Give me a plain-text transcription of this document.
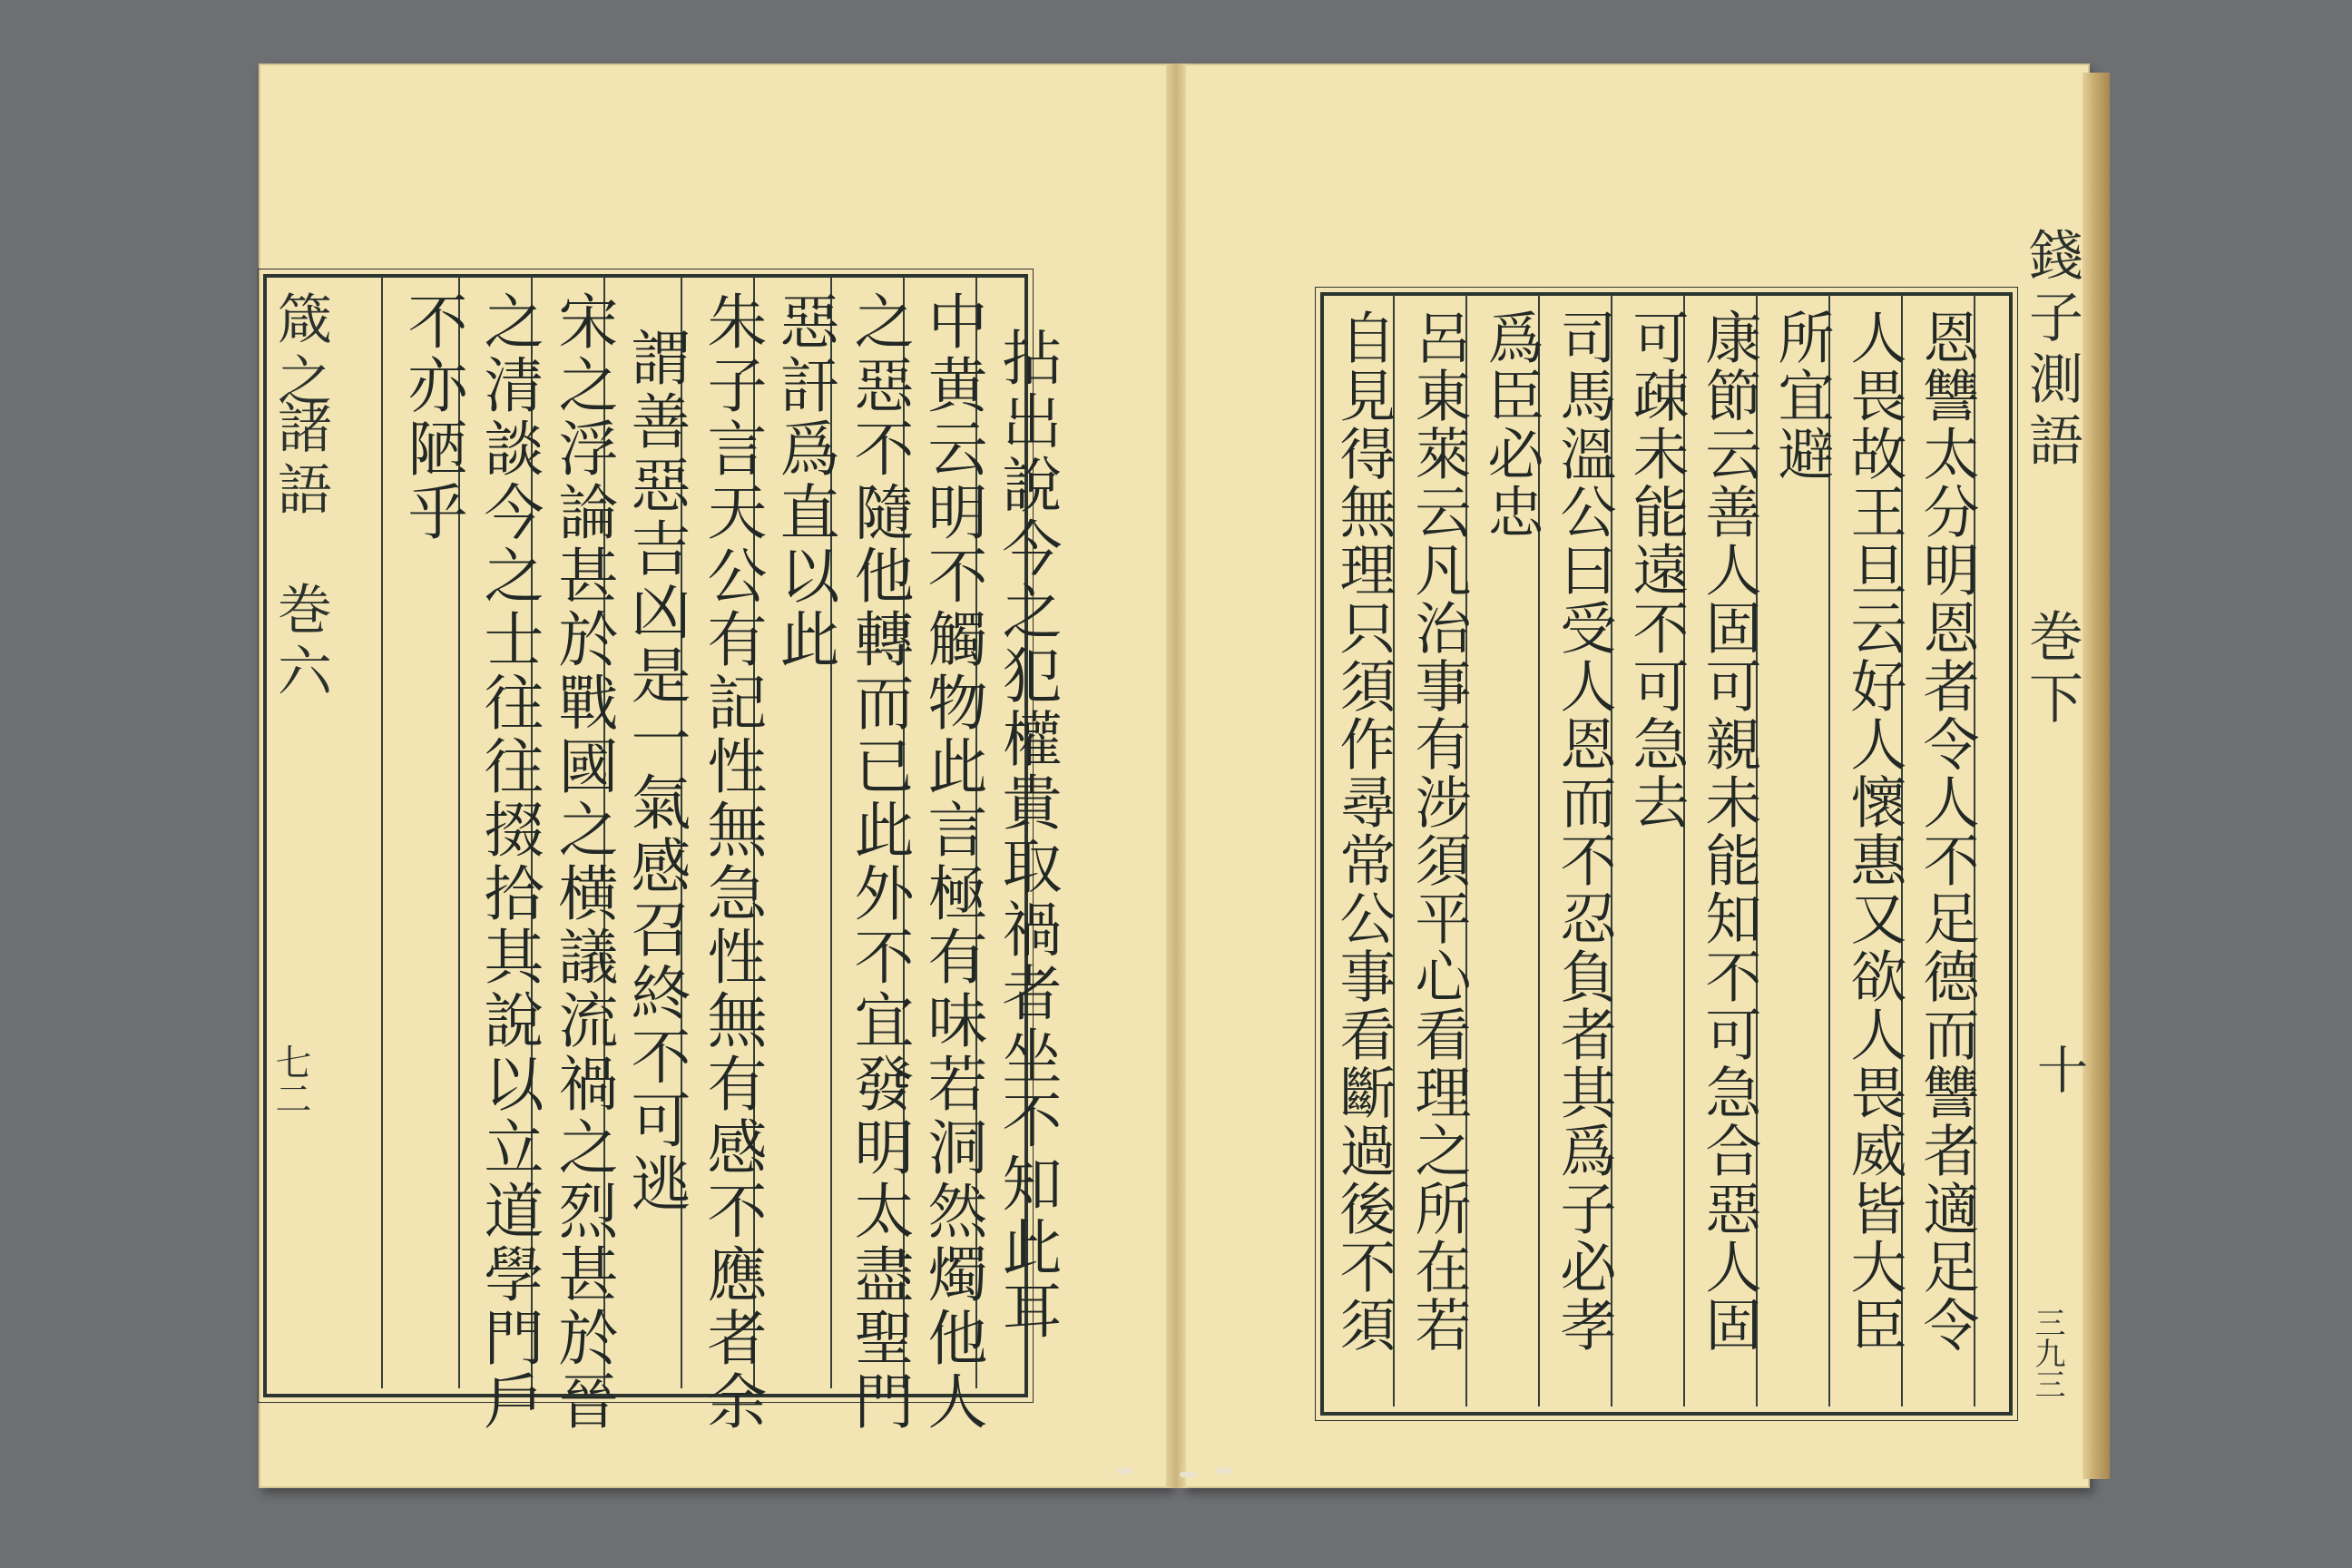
箴之
諸語
巻六
七二	拈出說今之犯權貴取禍者坐不知此耳
中黄云明不觸物此言極有味若洞然燭他人
之惡不隨他轉而已此外不宜發明太盡聖門
惡訐爲直以此
朱子言天公有記性無急性無有感不應者余
謂善惡吉凶是一氣感召終不可逃
宋之浮論甚於戰國之横議流禍之烈甚於晉
之清談今之士往往掇拾其說以立道學門戶
不亦陋乎	錢子測語
巻下
十
三九三
恩讐太分明恩者令人不足德而讐者適足令
人畏故王旦云好人懷惠又欲人畏威皆大臣
所宜避
康節云善人固可親未能知不可急合惡人固
可疎未能遠不可急去
司馬溫公曰受人恩而不忍負者其爲子必孝
爲臣必忠
呂東萊云凡治事有涉須平心看理之所在若
自見得無理只須作尋常公事看斷過後不須
